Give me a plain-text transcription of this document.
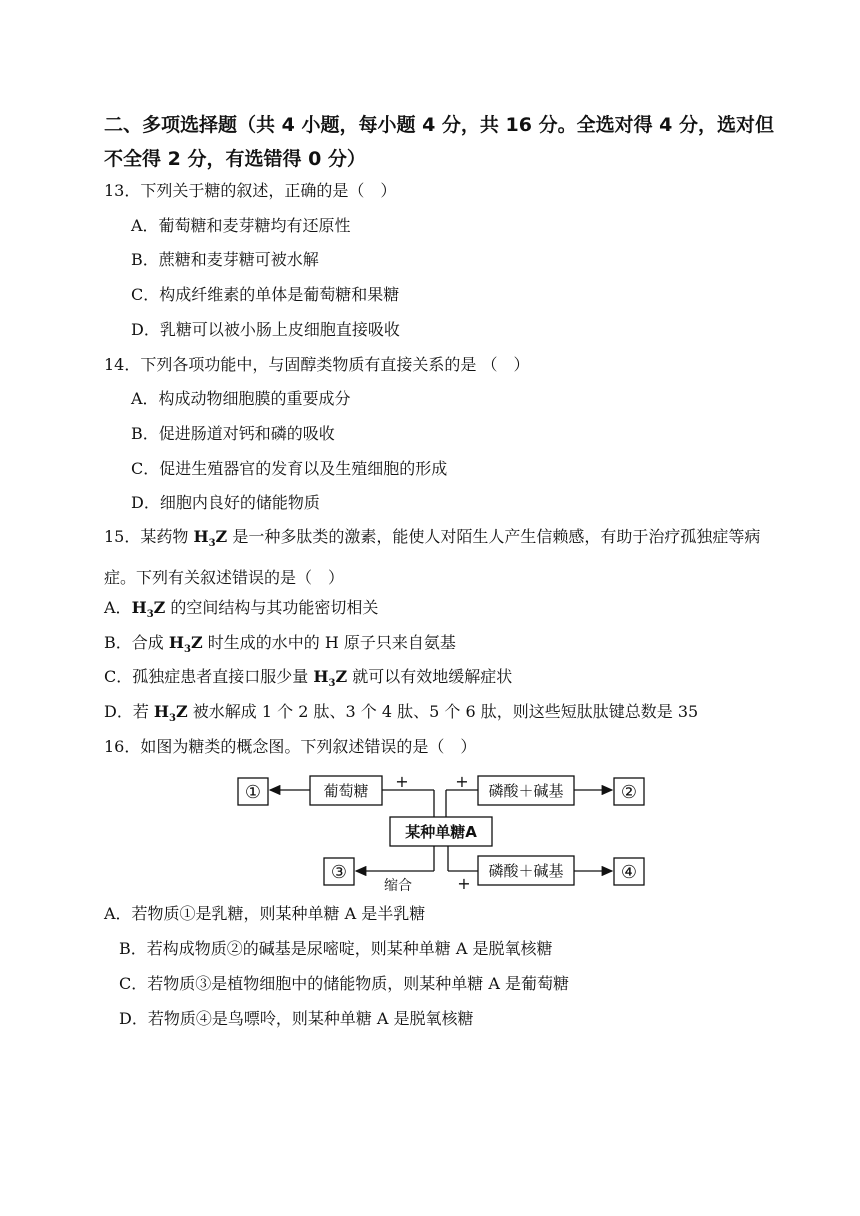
二、多项选择题（共 4 小题，每小题 4 分，共 16 分。全选对得 4 分，选对但不全得 2 分，有选错得 0 分）
13．下列关于糖的叙述，正确的是（　）
A．葡萄糖和麦芽糖均有还原性
B．蔗糖和麦芽糖可被水解
C．构成纤维素的单体是葡萄糖和果糖
D．乳糖可以被小肠上皮细胞直接吸收
14．下列各项功能中，与固醇类物质有直接关系的是 （　）
A．构成动物细胞膜的重要成分
B．促进肠道对钙和磷的吸收
C．促进生殖器官的发育以及生殖细胞的形成
D．细胞内良好的储能物质
15．某药物 $H_3Z$ 是一种多肽类的激素，能使人对陌生人产生信赖感，有助于治疗孤独症等病症。下列有关叙述错误的是（　）
A．$H_3Z$ 的空间结构与其功能密切相关
B．合成 $H_3Z$ 时生成的水中的 H 原子只来自氨基
C．孤独症患者直接口服少量 $H_3Z$ 就可以有效地缓解症状
D．若 $H_3Z$ 被水解成 1 个 2 肽、3 个 4 肽、5 个 6 肽，则这些短肽肽键总数是 35
16．如图为糖类的概念图。下列叙述错误的是（　）
葡萄糖
某种单糖A
磷酸＋碱基
磷酸＋碱基
①	②
③	④
+	+
+
缩合
A．若物质①是乳糖，则某种单糖 A 是半乳糖
B．若构成物质②的碱基是尿嘧啶，则某种单糖 A 是脱氧核糖
C．若物质③是植物细胞中的储能物质，则某种单糖 A 是葡萄糖
D．若物质④是鸟嘌呤，则某种单糖 A 是脱氧核糖
